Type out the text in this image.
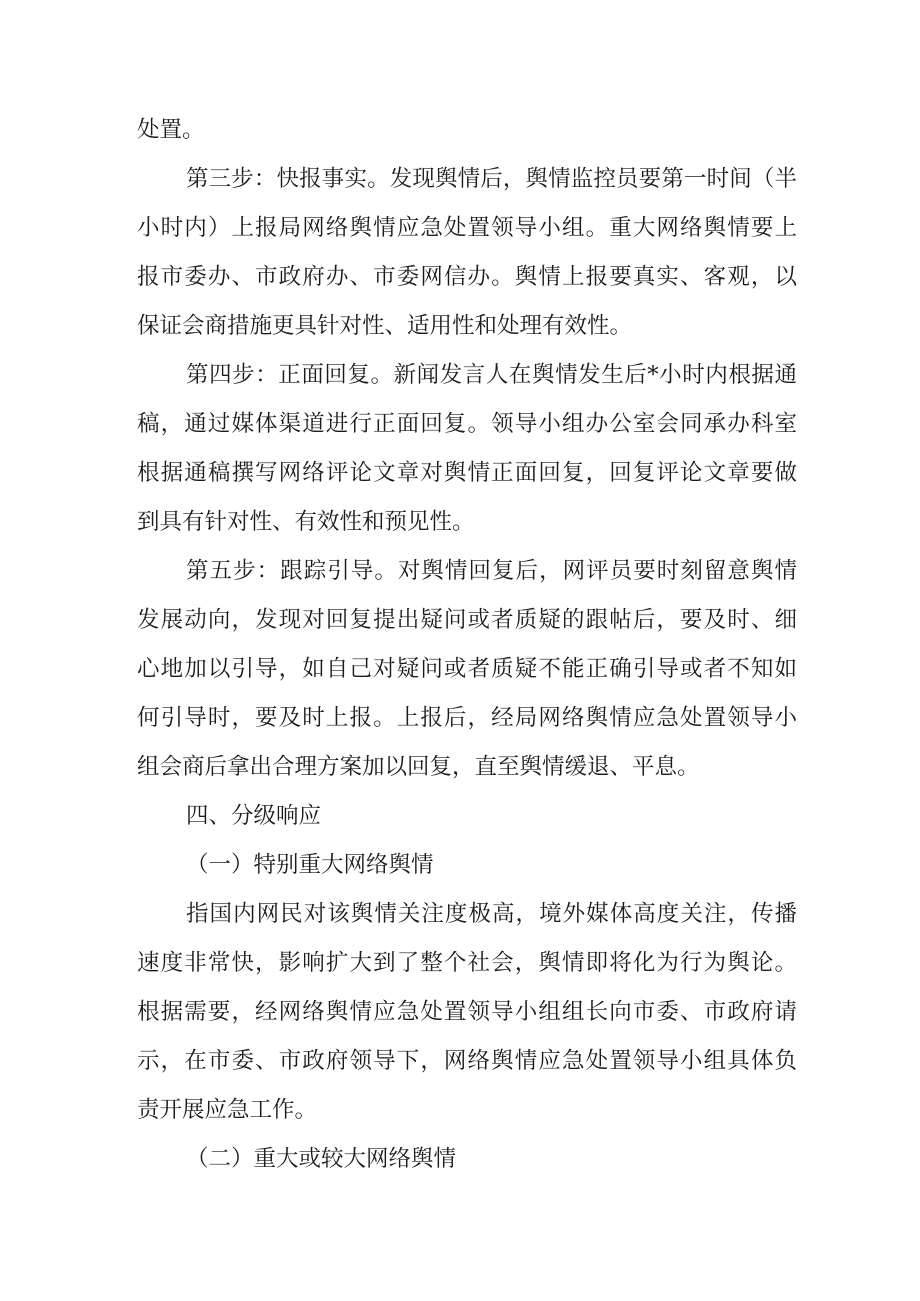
处置。
第三步：快报事实。发现舆情后，舆情监控员要第一时间（半
小时内）上报局网络舆情应急处置领导小组。重大网络舆情要上
报市委办、市政府办、市委网信办。舆情上报要真实、客观，以
保证会商措施更具针对性、适用性和处理有效性。
第四步：正面回复。新闻发言人在舆情发生后*小时内根据通
稿，通过媒体渠道进行正面回复。领导小组办公室会同承办科室
根据通稿撰写网络评论文章对舆情正面回复，回复评论文章要做
到具有针对性、有效性和预见性。
第五步：跟踪引导。对舆情回复后，网评员要时刻留意舆情
发展动向，发现对回复提出疑问或者质疑的跟帖后，要及时、细
心地加以引导，如自己对疑问或者质疑不能正确引导或者不知如
何引导时，要及时上报。上报后，经局网络舆情应急处置领导小
组会商后拿出合理方案加以回复，直至舆情缓退、平息。
四、分级响应
（一）特别重大网络舆情
指国内网民对该舆情关注度极高，境外媒体高度关注，传播
速度非常快，影响扩大到了整个社会，舆情即将化为行为舆论。
根据需要，经网络舆情应急处置领导小组组长向市委、市政府请
示，在市委、市政府领导下，网络舆情应急处置领导小组具体负
责开展应急工作。
（二）重大或较大网络舆情
